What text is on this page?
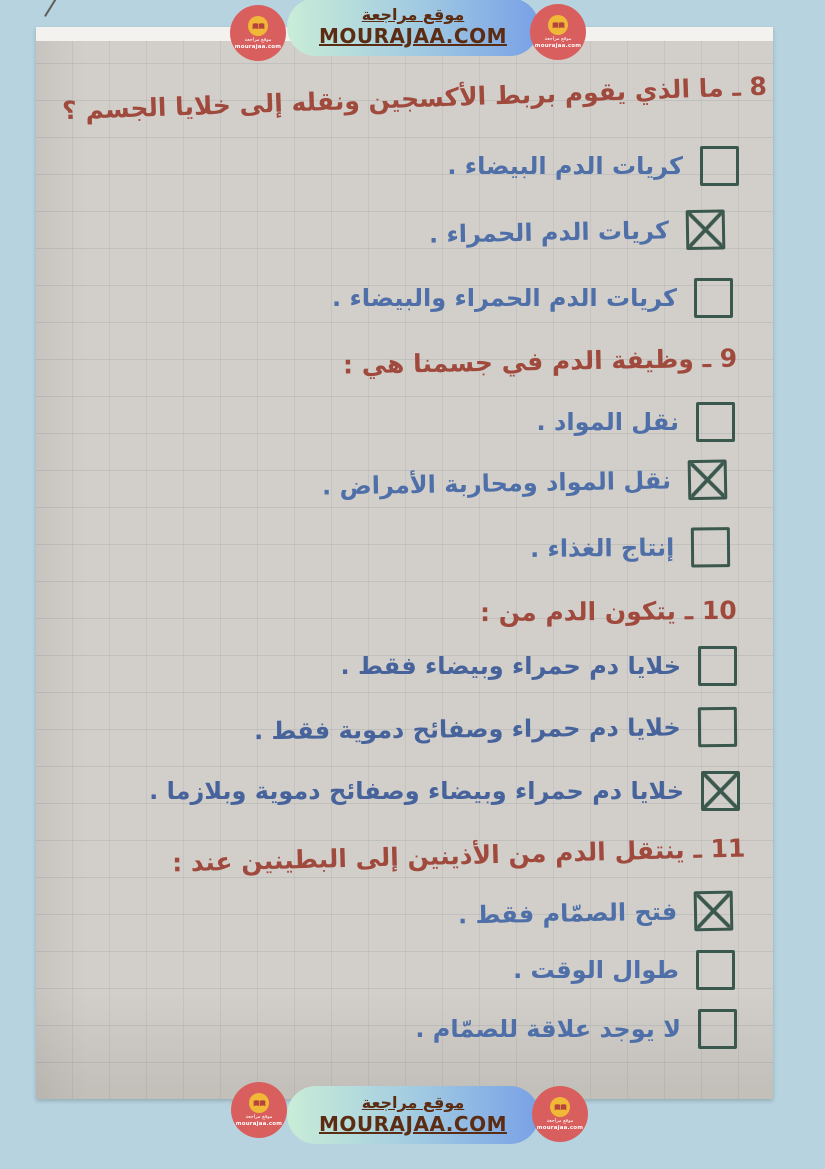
موقع مراجعة
MOURAJAA.COM
موقع مراجعة
mourajaa.com
موقع مراجعة
mourajaa.com
8 ـ ما الذي يقوم بربط الأكسجين ونقله إلى خلايا الجسم ؟
كريات الدم البيضاء .
كريات الدم الحمراء .
كريات الدم الحمراء والبيضاء .
9 ـ وظيفة الدم في جسمنا هي :
نقل المواد .
نقل المواد ومحاربة الأمراض .
إنتاج الغذاء .
10 ـ يتكون الدم من :
خلايا دم حمراء وبيضاء فقط .
خلايا دم حمراء وصفائح دموية فقط .
خلايا دم حمراء وبيضاء وصفائح دموية وبلازما .
11 ـ ينتقل الدم من الأذينين إلى البطينين عند :
فتح الصمّام فقط .
طوال الوقت .
لا يوجد علاقة للصمّام .
موقع مراجعة
MOURAJAA.COM
موقع مراجعة
mourajaa.com	موقع مراجعة
mourajaa.com
